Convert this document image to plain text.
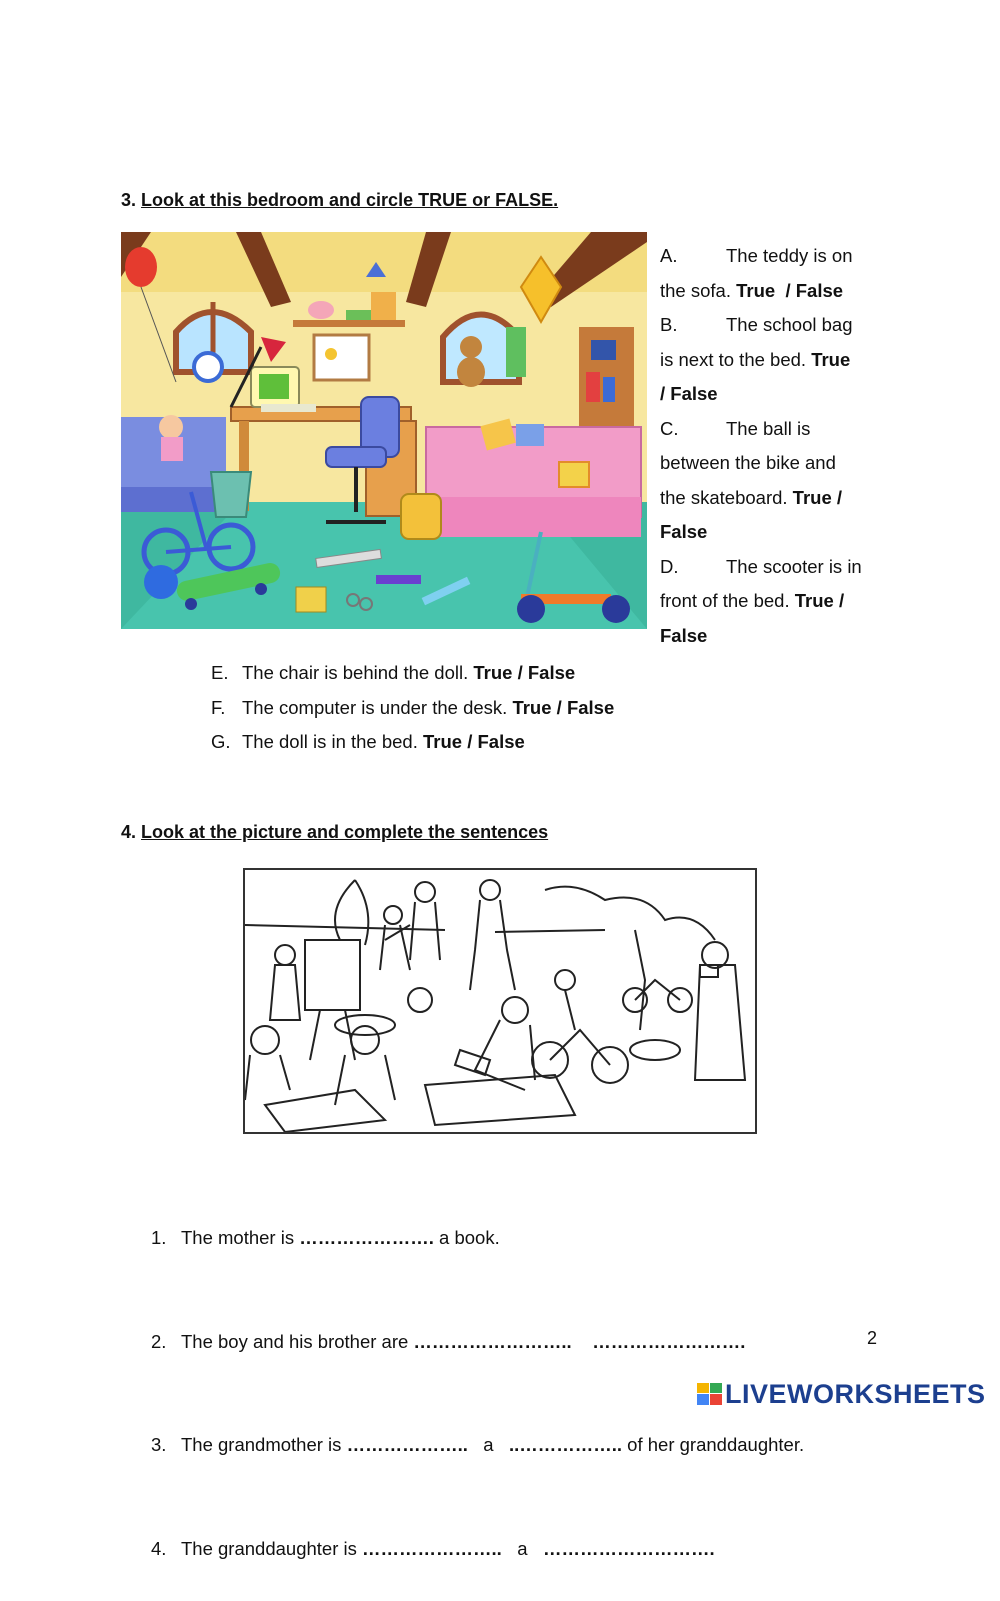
3. Look at this bedroom and circle TRUE or FALSE.
A.	The teddy is on
the sofa. True  / False
B.	The school bag
is next to the bed. True
/ False
C.	The ball is
between the bike and
the skateboard. True /
False
D.	The scooter is in
front of the bed. True /
False
E. The chair is behind the doll. True / False
F. The computer is under the desk. True / False
G. The doll is in the bed. True / False
4. Look at the picture and complete the sentences

1. The mother is …………………. a book.

2. The boy and his brother are …………………….. …………………….

3. The grandmother is ………………..   a   ..…………….. of her granddaughter.

4. The granddaughter is …………………..   a   ……………………….

2
LIVEWORKSHEETS
